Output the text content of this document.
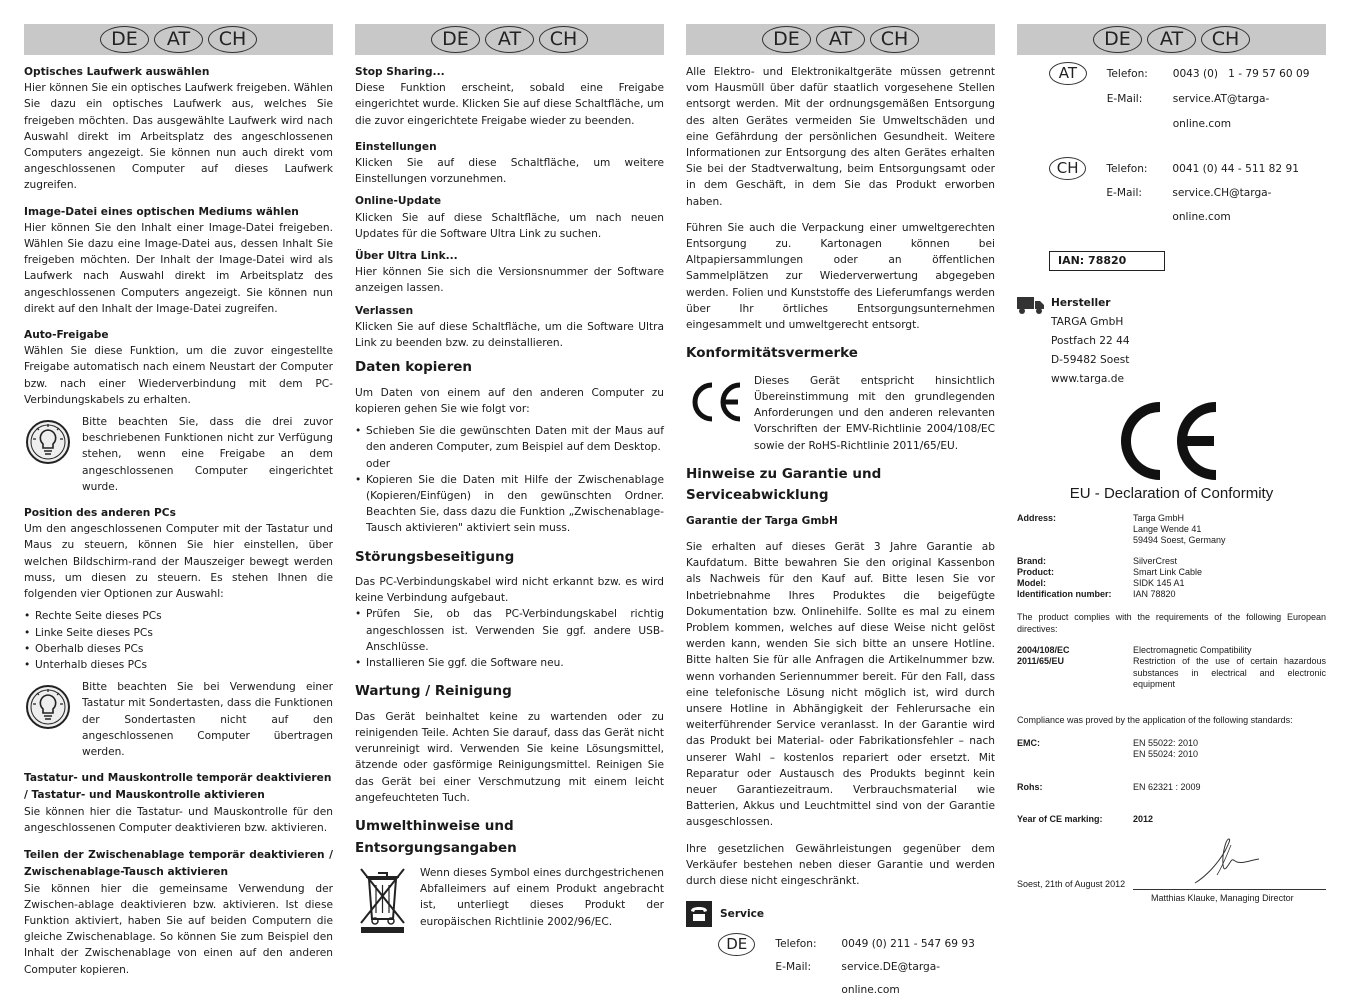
DE	AT	CH
Optisches Laufwerk auswählen

Hier können Sie ein optisches Laufwerk freigeben. Wählen Sie dazu ein optisches Laufwerk aus, welches Sie freigeben möchten. Das ausgewählte Laufwerk wird nach Auswahl direkt im Arbeitsplatz des angeschlossenen Computers angezeigt. Sie können nun auch direkt vom angeschlossenen Computer auf dieses Laufwerk zugreifen.

Image-Datei eines optischen Mediums wählen

Hier können Sie den Inhalt einer Image-Datei freigeben. Wählen Sie dazu eine Image-Datei aus, dessen Inhalt Sie freigeben möchten. Der Inhalt der Image-Datei wird als Laufwerk nach Auswahl direkt im Arbeitsplatz des angeschlossenen Computers angezeigt. Sie können nun direkt auf den Inhalt der Image-Datei zugreifen.

Auto-Freigabe

Wählen Sie diese Funktion, um die zuvor eingestellte Freigabe automatisch nach einem Neustart der Computer bzw. nach einer Wiederverbindung mit dem PC-Verbindungskabels zu erhalten.

Bitte beachten Sie, dass die drei zuvor beschriebenen Funktionen nicht zur Verfügung stehen, wenn eine Freigabe an dem angeschlossenen Computer eingerichtet wurde.

Position des anderen PCs

Um den angeschlossenen Computer mit der Tastatur und Maus zu steuern, können Sie hier einstellen, über welchen Bildschirm-rand der Mauszeiger bewegt werden muss, um diesen zu steuern. Es stehen Ihnen die folgenden vier Optionen zur Auswahl:

• Rechte Seite dieses PCs
• Linke Seite dieses PCs
• Oberhalb dieses PCs
• Unterhalb dieses PCs

Bitte beachten Sie bei Verwendung einer Tastatur mit Sondertasten, dass die Funktionen der Sondertasten nicht auf den angeschlossenen Computer übertragen werden.

Tastatur- und Mauskontrolle temporär deaktivieren / Tastatur- und Mauskontrolle aktivieren

Sie können hier die Tastatur- und Mauskontrolle für den angeschlossenen Computer deaktivieren bzw. aktivieren.

Teilen der Zwischenablage temporär deaktivieren / Zwischenablage-Tausch aktivieren

Sie können hier die gemeinsame Verwendung der Zwischen-ablage deaktivieren bzw. aktivieren. Ist diese Funktion aktiviert, haben Sie auf beiden Computern die gleiche Zwischenablage. So können Sie zum Beispiel den Inhalt der Zwischenablage von einen auf den anderen Computer kopieren.

DE	AT	CH
Stop Sharing...

Diese Funktion erscheint, sobald eine Freigabe eingerichtet wurde. Klicken Sie auf diese Schaltfläche, um die zuvor eingerichtete Freigabe wieder zu beenden.

Einstellungen

Klicken Sie auf diese Schaltfläche, um weitere Einstellungen vorzunehmen.

Online-Update

Klicken Sie auf diese Schaltfläche, um nach neuen Updates für die Software Ultra Link zu suchen.

Über Ultra Link...

Hier können Sie sich die Versionsnummer der Software anzeigen lassen.

Verlassen

Klicken Sie auf diese Schaltfläche, um die Software Ultra Link zu beenden bzw. zu deinstallieren.

Daten kopieren

Um Daten von einem auf den anderen Computer zu kopieren gehen Sie wie folgt vor:

• Schieben Sie die gewünschten Daten mit der Maus auf den anderen Computer, zum Beispiel auf dem Desktop.

oder

• Kopieren Sie die Daten mit Hilfe der Zwischenablage (Kopieren/Einfügen) in den gewünschten Ordner. Beachten Sie, dass dazu die Funktion „Zwischenablage-Tausch aktivieren" aktiviert sein muss.
Störungsbeseitigung

Das PC-Verbindungskabel wird nicht erkannt bzw. es wird keine Verbindung aufgebaut.

• Prüfen Sie, ob das PC-Verbindungskabel richtig angeschlossen ist. Verwenden Sie ggf. andere USB-Anschlüsse.
• Installieren Sie ggf. die Software neu.
Wartung / Reinigung

Das Gerät beinhaltet keine zu wartenden oder zu reinigenden Teile. Achten Sie darauf, dass das Gerät nicht verunreinigt wird. Verwenden Sie keine Lösungsmittel, ätzende oder gasförmige Reinigungsmittel. Reinigen Sie das Gerät bei einer Verschmutzung mit einem leicht angefeuchteten Tuch.

Umwelthinweise und Entsorgungsangaben

Wenn dieses Symbol eines durchgestrichenen Abfalleimers auf einem Produkt angebracht ist, unterliegt dieses Produkt der europäischen Richtlinie 2002/96/EC.

DE	AT	CH

Alle Elektro- und Elektronikaltgeräte müssen getrennt vom Hausmüll über dafür staatlich vorgesehene Stellen entsorgt werden. Mit der ordnungsgemäßen Entsorgung des alten Gerätes vermeiden Sie Umweltschäden und eine Gefährdung der persönlichen Gesundheit. Weitere Informationen zur Entsorgung des alten Gerätes erhalten Sie bei der Stadtverwaltung, beim Entsorgungsamt oder in dem Geschäft, in dem Sie das Produkt erworben haben.

Führen Sie auch die Verpackung einer umweltgerechten Entsorgung zu. Kartonagen können bei Altpapiersammlungen oder an öffentlichen Sammelplätzen zur Wiederverwertung abgegeben werden. Folien und Kunststoffe des Lieferumfangs werden über Ihr örtliches Entsorgungsunternehmen eingesammelt und umweltgerecht entsorgt.

Konformitätsvermerke

Dieses Gerät entspricht hinsichtlich Übereinstimmung mit den grundlegenden Anforderungen und den anderen relevanten Vorschriften der EMV-Richtlinie 2004/108/EC sowie der RoHS-Richtlinie 2011/65/EU.

Hinweise zu Garantie und Serviceabwicklung
Garantie der Targa GmbH

Sie erhalten auf dieses Gerät 3 Jahre Garantie ab Kaufdatum. Bitte bewahren Sie den original Kassenbon als Nachweis für den Kauf auf. Bitte lesen Sie vor Inbetriebnahme Ihres Produktes die beigefügte Dokumentation bzw. Onlinehilfe. Sollte es mal zu einem Problem kommen, welches auf diese Weise nicht gelöst werden kann, wenden Sie sich bitte an unsere Hotline. Bitte halten Sie für alle Anfragen die Artikelnummer bzw. wenn vorhanden Seriennummer bereit. Für den Fall, dass eine telefonische Lösung nicht möglich ist, wird durch unsere Hotline in Abhängigkeit der Fehlerursache ein weiterführender Service veranlasst. In der Garantie wird das Produkt bei Material- oder Fabrikationsfehler – nach unserer Wahl – kostenlos repariert oder ersetzt. Mit Reparatur oder Austausch des Produkts beginnt kein neuer Garantiezeitraum. Verbrauchsmaterial wie Batterien, Akkus und Leuchtmittel sind von der Garantie ausgeschlossen.

Ihre gesetzlichen Gewährleistungen gegenüber dem Verkäufer bestehen neben dieser Garantie und werden durch diese nicht eingeschränkt.

Service
DE	Telefon:	0049 (0) 211 - 547 69 93
E-Mail:	service.DE@targa-online.com
DE	AT	CH
AT	Telefon:	0043 (0)   1 - 79 57 60 09
E-Mail:	service.AT@targa-online.com
CH	Telefon:	0041 (0) 44 - 511 82 91
E-Mail:	service.CH@targa-online.com
IAN: 78820
Hersteller
TARGA GmbH
Postfach 22 44
D-59482 Soest
www.targa.de
EU - Declaration of Conformity
Address:	Targa GmbH
Lange Wende 41
59494 Soest, Germany
Brand:	SilverCrest
Product:	Smart Link Cable
Model:	SIDK 145 A1
Identification number:	IAN 78820

The product complies with the requirements of the following European directives:

2004/108/EC	Electromagnetic Compatibility
2011/65/EU	Restriction of the use of certain hazardous substances in electrical and electronic equipment

Compliance was proved by the application of the following standards:

EMC:	EN 55022: 2010
EN 55024: 2010
Rohs:	EN 62321 : 2009
Year of CE marking:	2012
Soest, 21th of August 2012
Matthias Klauke, Managing Director
